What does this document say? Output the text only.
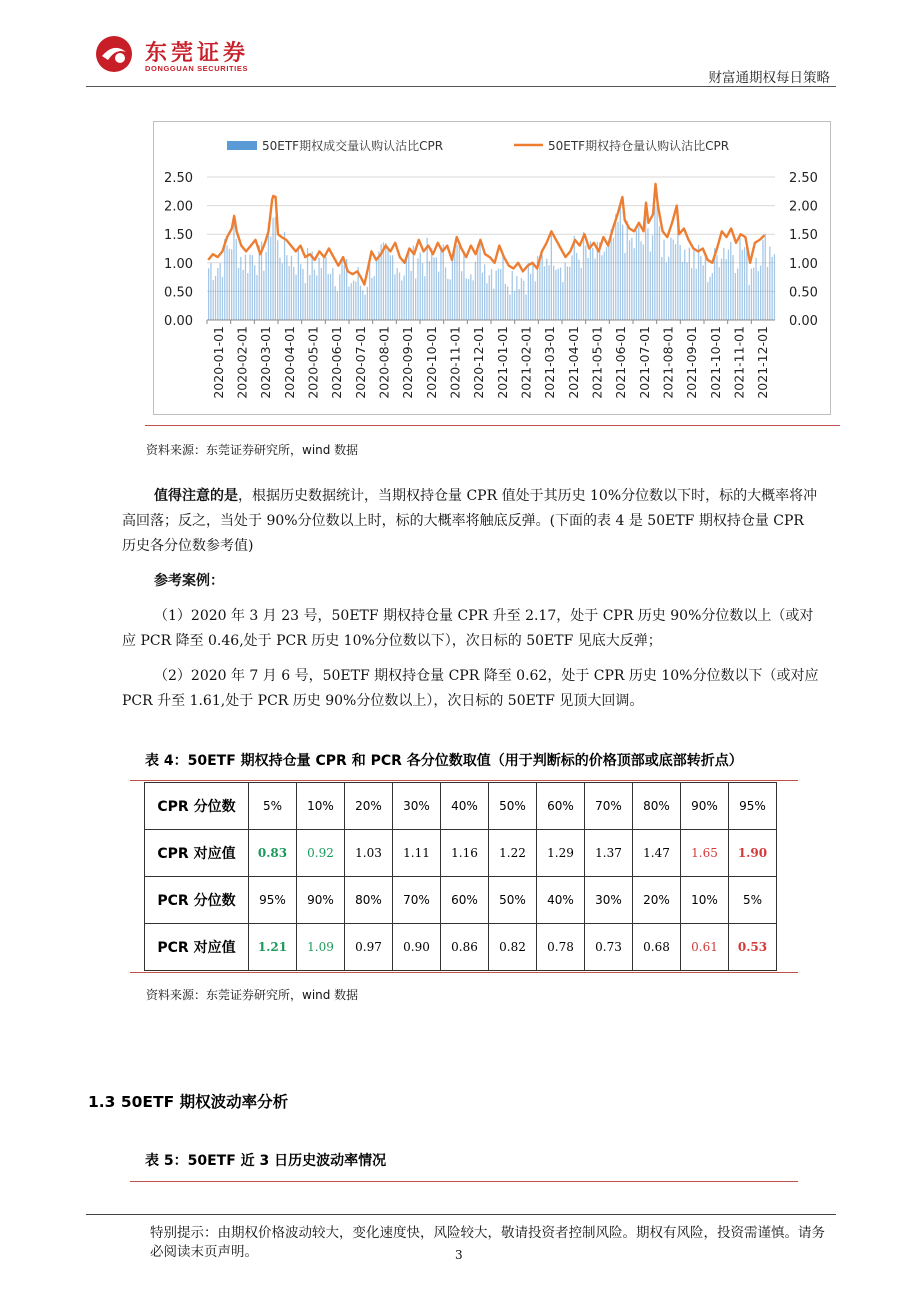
东莞证券
DONGGUAN SECURITIES
财富通期权每日策略
50ETF期权成交量认购认沽比CPR	50ETF期权持仓量认购认沽比CPR
2.50
2.00
1.50
1.00
0.50
0.00
2.50
2.00
1.50
1.00
0.50
0.00
2020-01-01 2020-02-01 2020-03-01 2020-04-01 2020-05-01 2020-06-01 2020-07-01 2020-08-01 2020-09-01 2020-10-01 2020-11-01 2020-12-01 2021-01-01 2021-02-01 2021-03-01 2021-04-01 2021-05-01 2021-06-01 2021-07-01 2021-08-01 2021-09-01 2021-10-01 2021-11-01 2021-12-01
资料来源：东莞证券研究所，wind 数据
值得注意的是，根据历史数据统计，当期权持仓量 CPR 值处于其历史 10%分位数以下时，标的大概率将冲高回落；反之，当处于 90%分位数以上时，标的大概率将触底反弹。(下面的表 4 是 50ETF 期权持仓量 CPR 历史各分位数参考值)
参考案例：
（1）2020 年 3 月 23 号，50ETF 期权持仓量 CPR 升至 2.17，处于 CPR 历史 90%分位数以上（或对应 PCR 降至 0.46,处于 PCR 历史 10%分位数以下），次日标的 50ETF 见底大反弹；
（2）2020 年 7 月 6 号，50ETF 期权持仓量 CPR 降至 0.62，处于 CPR 历史 10%分位数以下（或对应 PCR 升至 1.61,处于 PCR 历史 90%分位数以上），次日标的 50ETF 见顶大回调。
表 4：50ETF 期权持仓量 CPR 和 PCR 各分位数取值（用于判断标的价格顶部或底部转折点）
CPR 分位数	5%	10%	20%	30%	40%	50%	60%	70%	80%	90%	95%
CPR 对应值	0.83	0.92	1.03	1.11	1.16	1.22	1.29	1.37	1.47	1.65	1.90
PCR 分位数	95%	90%	80%	70%	60%	50%	40%	30%	20%	10%	5%
PCR 对应值	1.21	1.09	0.97	0.90	0.86	0.82	0.78	0.73	0.68	0.61	0.53
资料来源：东莞证券研究所，wind 数据
1.3 50ETF 期权波动率分析
表 5：50ETF 近 3 日历史波动率情况
特别提示：由期权价格波动较大，变化速度快，风险较大，敬请投资者控制风险。期权有风险，投资需谨慎。请务必阅读末页声明。	3
